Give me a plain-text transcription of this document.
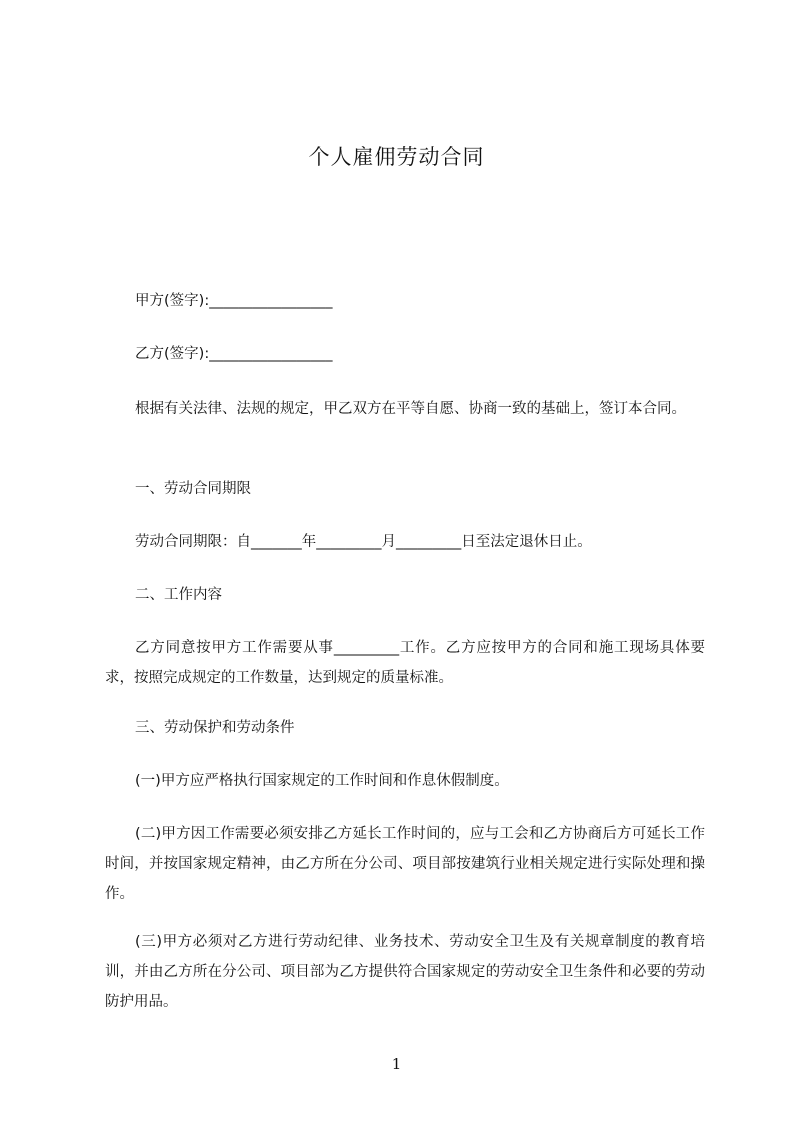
个人雇佣劳动合同
甲方(签字):_________________
乙方(签字):_________________
根据有关法律、法规的规定，甲乙双方在平等自愿、协商一致的基础上，签订本合同。
一、劳动合同期限
劳动合同期限：自_______年_________月_________日至法定退休日止。
二、工作内容
乙方同意按甲方工作需要从事_________工作。乙方应按甲方的合同和施工现场具体要求，按照完成规定的工作数量，达到规定的质量标准。
三、劳动保护和劳动条件
(一)甲方应严格执行国家规定的工作时间和作息休假制度。
(二)甲方因工作需要必须安排乙方延长工作时间的，应与工会和乙方协商后方可延长工作时间，并按国家规定精神，由乙方所在分公司、项目部按建筑行业相关规定进行实际处理和操作。
(三)甲方必须对乙方进行劳动纪律、业务技术、劳动安全卫生及有关规章制度的教育培训，并由乙方所在分公司、项目部为乙方提供符合国家规定的劳动安全卫生条件和必要的劳动防护用品。
1
